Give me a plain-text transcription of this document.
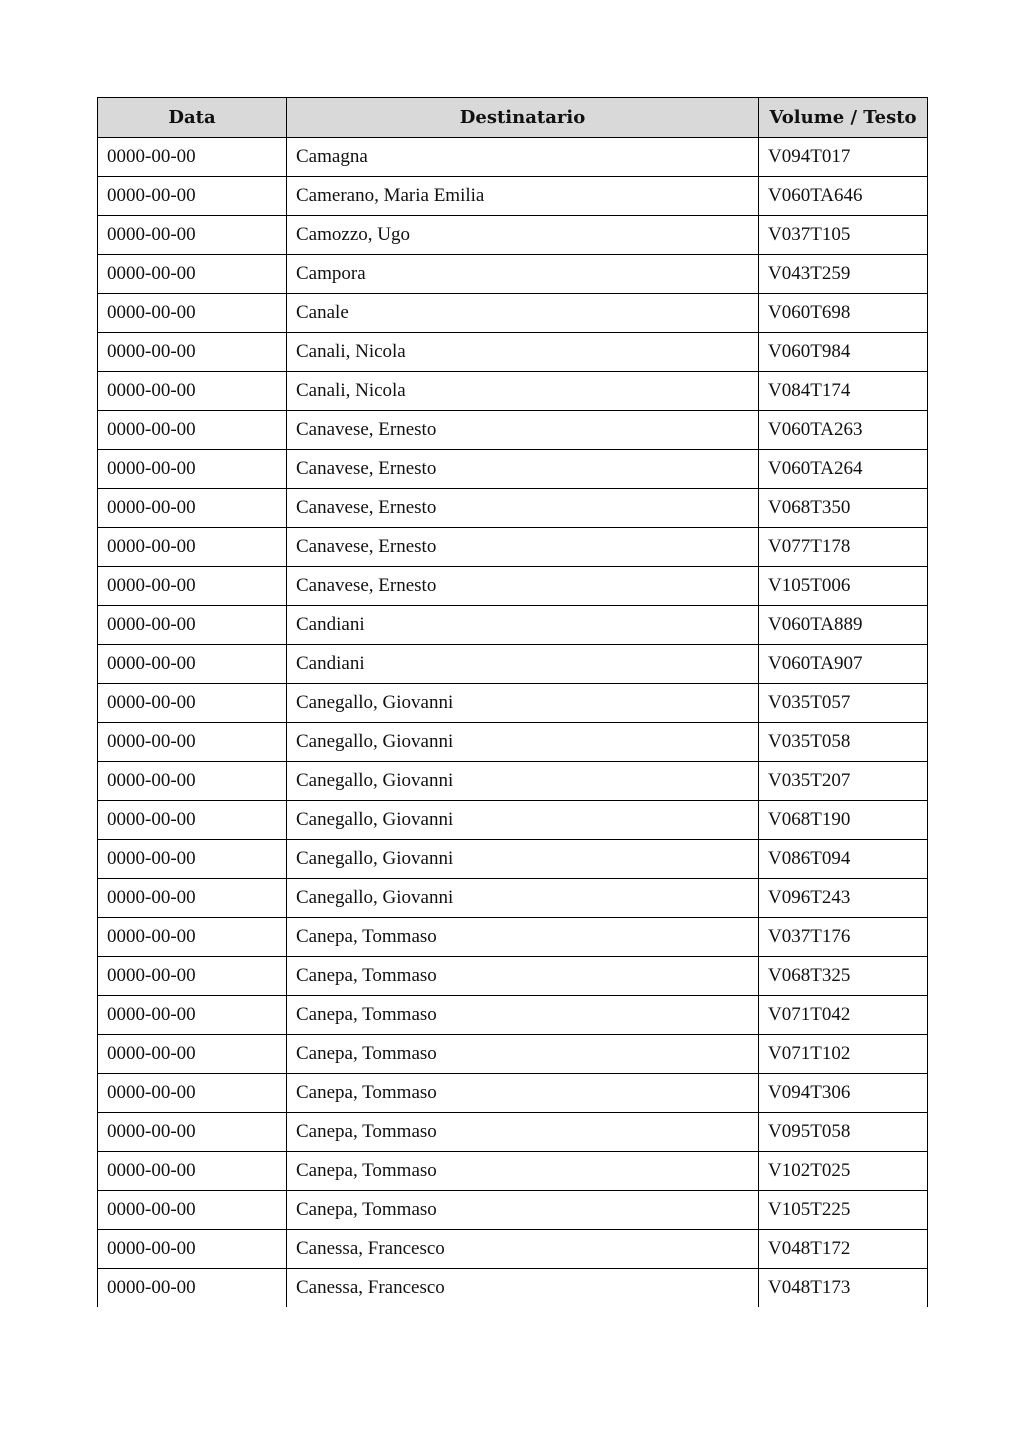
Data	Destinatario	Volume / Testo
0000-00-00	Camagna	V094T017
0000-00-00	Camerano, Maria Emilia	V060TA646
0000-00-00	Camozzo, Ugo	V037T105
0000-00-00	Campora	V043T259
0000-00-00	Canale	V060T698
0000-00-00	Canali, Nicola	V060T984
0000-00-00	Canali, Nicola	V084T174
0000-00-00	Canavese, Ernesto	V060TA263
0000-00-00	Canavese, Ernesto	V060TA264
0000-00-00	Canavese, Ernesto	V068T350
0000-00-00	Canavese, Ernesto	V077T178
0000-00-00	Canavese, Ernesto	V105T006
0000-00-00	Candiani	V060TA889
0000-00-00	Candiani	V060TA907
0000-00-00	Canegallo, Giovanni	V035T057
0000-00-00	Canegallo, Giovanni	V035T058
0000-00-00	Canegallo, Giovanni	V035T207
0000-00-00	Canegallo, Giovanni	V068T190
0000-00-00	Canegallo, Giovanni	V086T094
0000-00-00	Canegallo, Giovanni	V096T243
0000-00-00	Canepa, Tommaso	V037T176
0000-00-00	Canepa, Tommaso	V068T325
0000-00-00	Canepa, Tommaso	V071T042
0000-00-00	Canepa, Tommaso	V071T102
0000-00-00	Canepa, Tommaso	V094T306
0000-00-00	Canepa, Tommaso	V095T058
0000-00-00	Canepa, Tommaso	V102T025
0000-00-00	Canepa, Tommaso	V105T225
0000-00-00	Canessa, Francesco	V048T172
0000-00-00	Canessa, Francesco	V048T173
